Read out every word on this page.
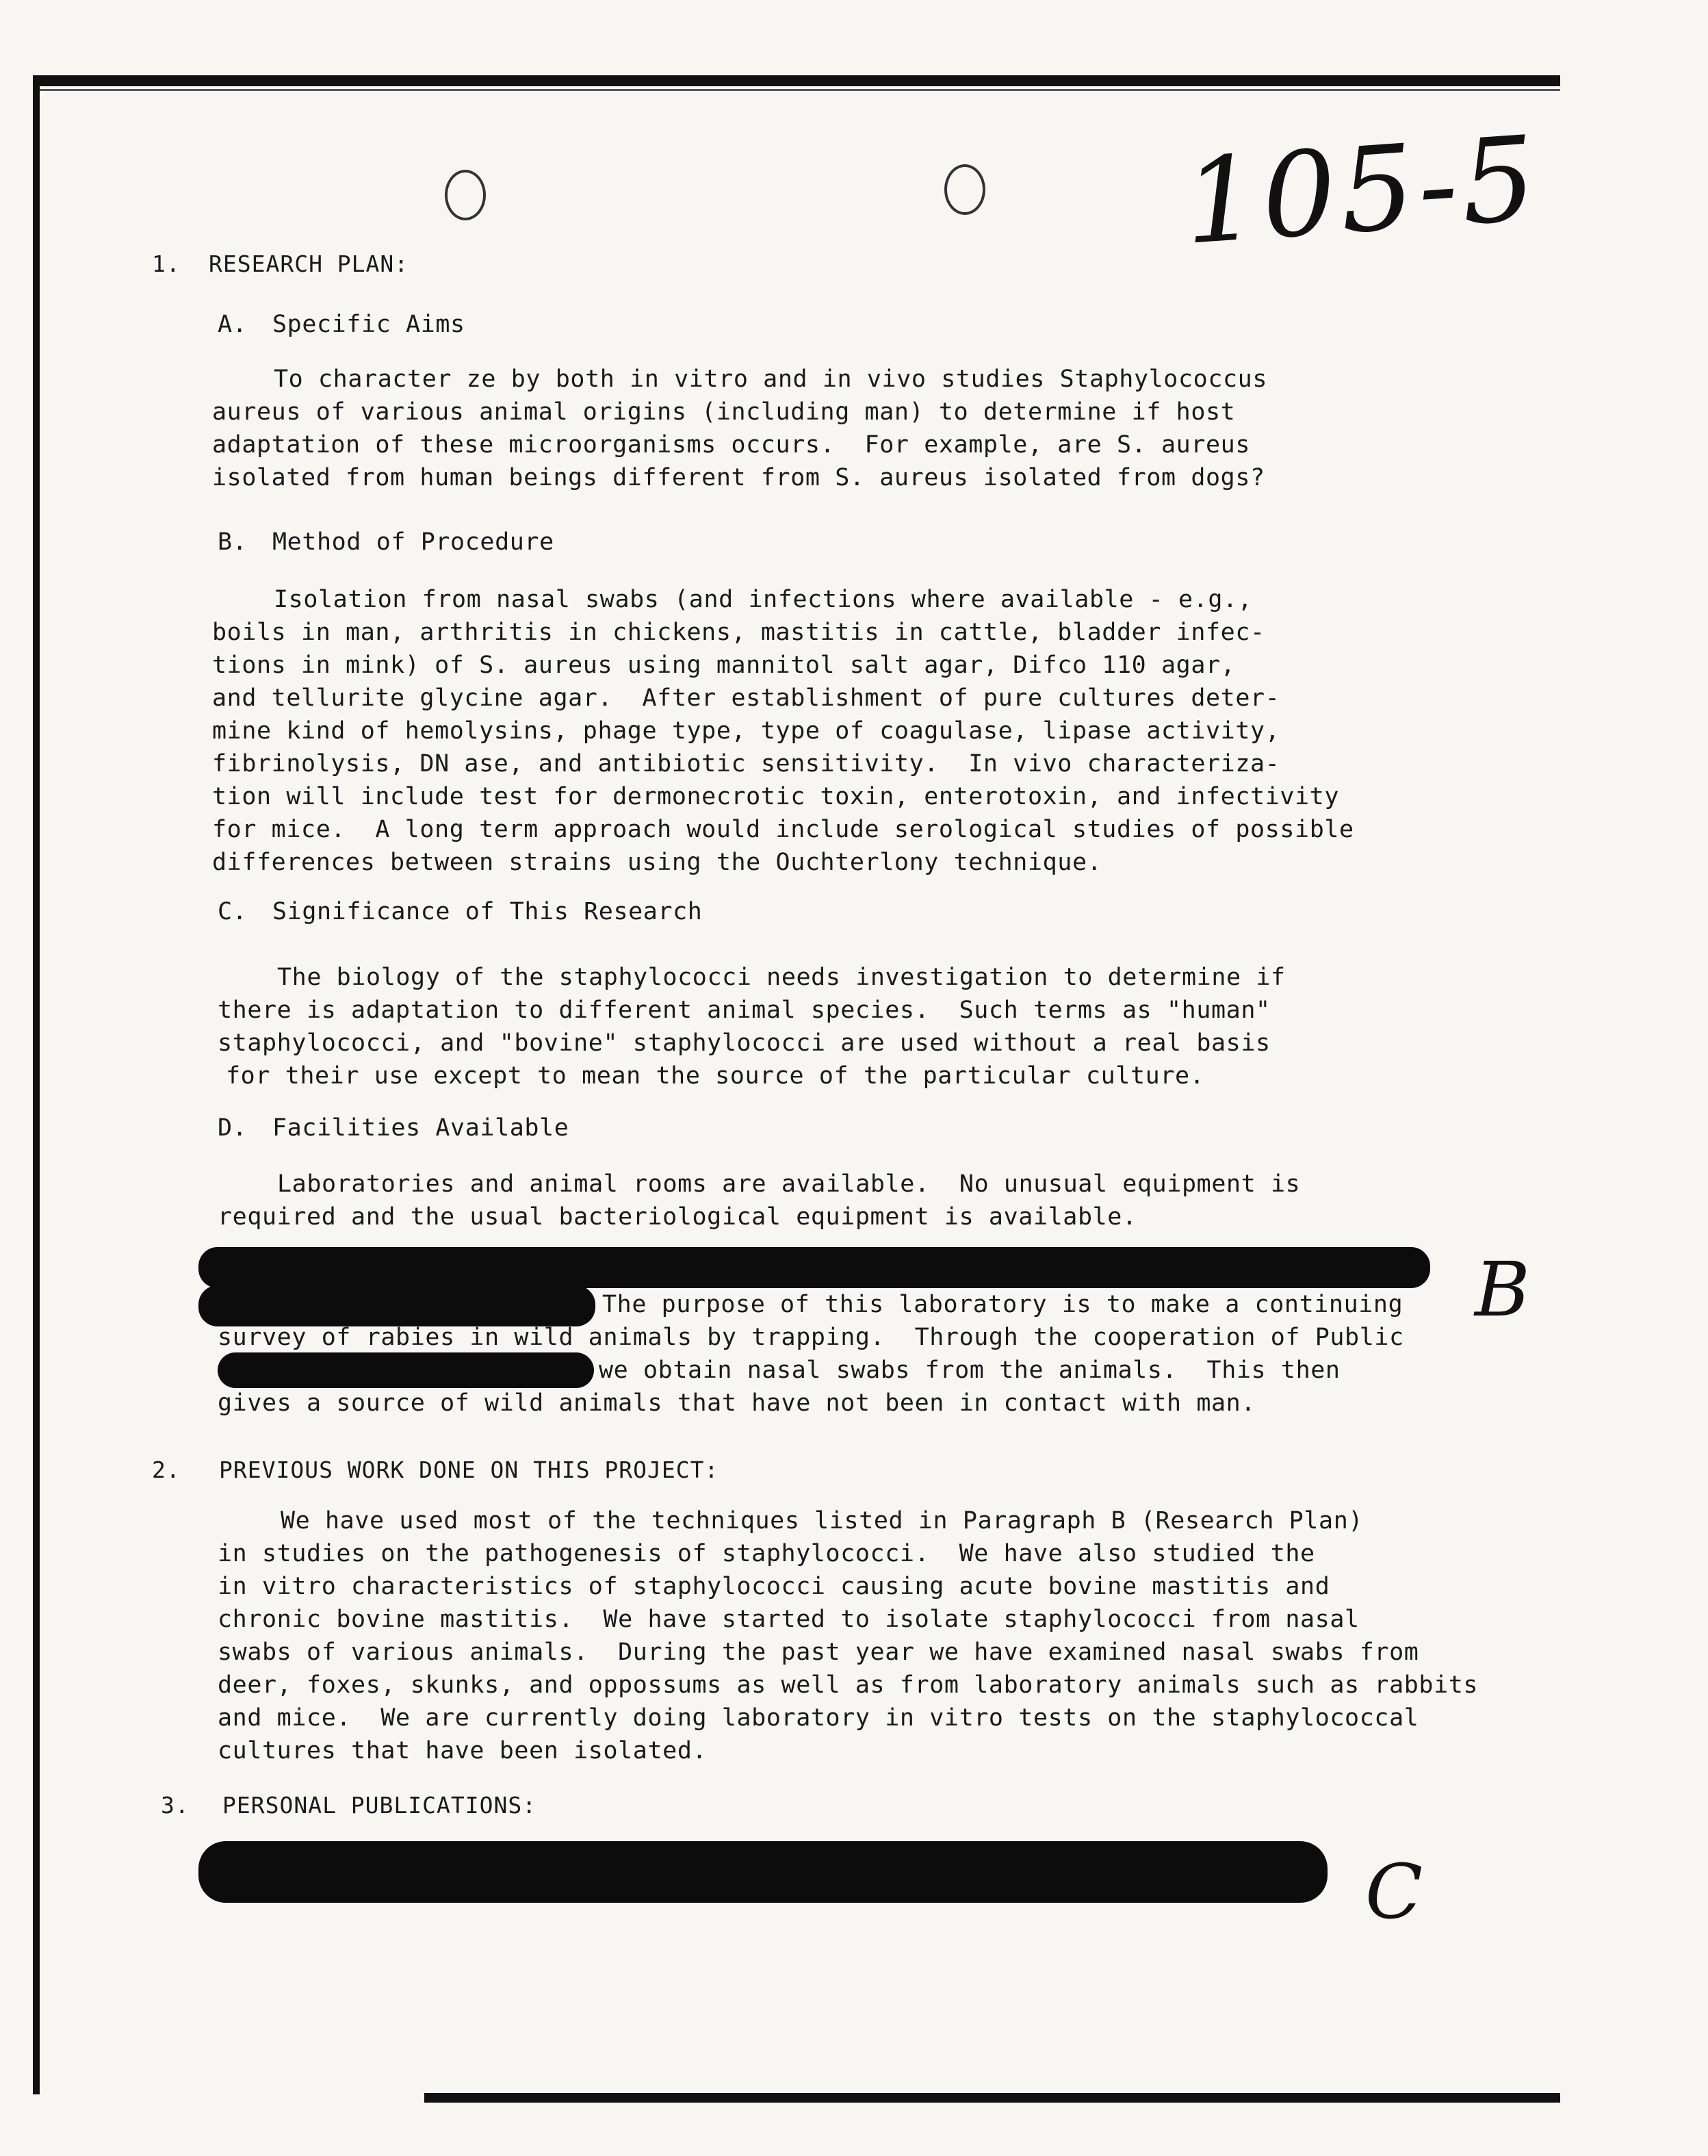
105-5
1. RESEARCH PLAN:
A. Specific Aims
To character ze by both in vitro and in vivo studies Staphylococcus
aureus of various animal origins (including man) to determine if host
adaptation of these microorganisms occurs.  For example, are S. aureus
isolated from human beings different from S. aureus isolated from dogs?
B. Method of Procedure
Isolation from nasal swabs (and infections where available - e.g.,
boils in man, arthritis in chickens, mastitis in cattle, bladder infec-
tions in mink) of S. aureus using mannitol salt agar, Difco 110 agar,
and tellurite glycine agar.  After establishment of pure cultures deter-
mine kind of hemolysins, phage type, type of coagulase, lipase activity,
fibrinolysis, DN ase, and antibiotic sensitivity.  In vivo characteriza-
tion will include test for dermonecrotic toxin, enterotoxin, and infectivity
for mice.  A long term approach would include serological studies of possible
differences between strains using the Ouchterlony technique.
C. Significance of This Research
The biology of the staphylococci needs investigation to determine if
there is adaptation to different animal species.  Such terms as "human"
staphylococci, and "bovine" staphylococci are used without a real basis
for their use except to mean the source of the particular culture.
D. Facilities Available
Laboratories and animal rooms are available.  No unusual equipment is
required and the usual bacteriological equipment is available.
The purpose of this laboratory is to make a continuing
survey of rabies in wild animals by trapping.  Through the cooperation of Public
we obtain nasal swabs from the animals.  This then
gives a source of wild animals that have not been in contact with man.
B
2. PREVIOUS WORK DONE ON THIS PROJECT:
We have used most of the techniques listed in Paragraph B (Research Plan)
in studies on the pathogenesis of staphylococci.  We have also studied the
in vitro characteristics of staphylococci causing acute bovine mastitis and
chronic bovine mastitis.  We have started to isolate staphylococci from nasal
swabs of various animals.  During the past year we have examined nasal swabs from
deer, foxes, skunks, and oppossums as well as from laboratory animals such as rabbits
and mice.  We are currently doing laboratory in vitro tests on the staphylococcal
cultures that have been isolated.
3. PERSONAL PUBLICATIONS:
C
